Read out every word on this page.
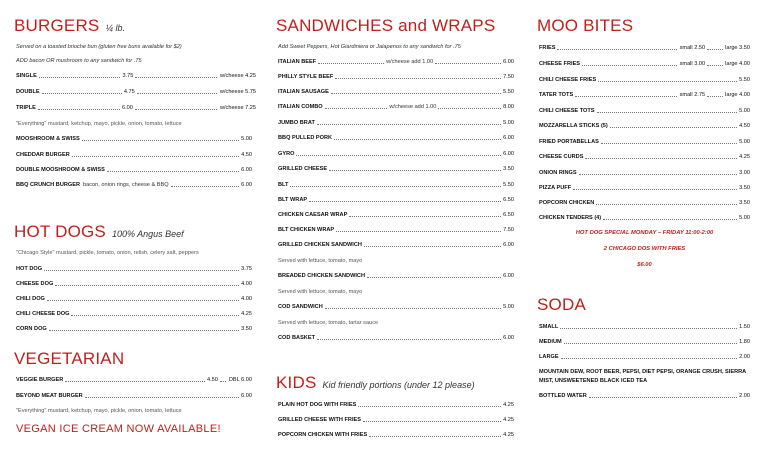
BURGERS ¼ lb.
Served on a toasted brioche bun (gluten free buns available for $2)
ADD bacon OR mushroom to any sandwich for .75
SINGLE	3.75	w/cheese 4.25
DOUBLE	4.75	w/cheese 5.75
TRIPLE	6.00	w/cheese 7.25
"Everything" mustard, ketchup, mayo, pickle, onion, tomato, lettuce
MOOSHROOM & SWISS	5.00
CHEDDAR BURGER	4.50
DOUBLE MOOSHROOM & SWISS	6.00
BBQ CRUNCH BURGER bacon, onion rings, cheese & BBQ	6.00
HOT DOGS 100% Angus Beef
"Chicago Style" mustard, pickle, tomato, onion, relish, celery salt, peppers
HOT DOG	3.75
CHEESE DOG	4.00
CHILI DOG	4.00
CHILI CHEESE DOG	4.25
CORN DOG	3.50
VEGETARIAN
VEGGIE BURGER	4.50 DBL 6.00
BEYOND MEAT BURGER	6.00
"Everything" mustard, ketchup, mayo, pickle, onion, tomato, lettuce
VEGAN ICE CREAM NOW AVAILABLE!
SANDWICHES and WRAPS
Add Sweet Peppers, Hot Giardiniera or Jalapenos to any sandwich for .75
ITALIAN BEEF	w/cheese add 1.00	6.00
PHILLY STYLE BEEF	7.50
ITALIAN SAUSAGE	5.50
ITALIAN COMBO	w/cheese add 1.00	8.00
JUMBO BRAT	5.00
BBQ PULLED PORK	6.00
GYRO	6.00
GRILLED CHEESE	3.50
BLT	5.50
BLT WRAP	6.50
CHICKEN CAESAR WRAP	6.50
BLT CHICKEN WRAP	7.50
GRILLED CHICKEN SANDWICH	6.00
Served with lettuce, tomato, mayo
BREADED CHICKEN SANDWICH	6.00
Served with lettuce, tomato, mayo
COD SANDWICH	5.00
Served with lettuce, tomato, tartar sauce
COD BASKET	6.00
KIDS Kid friendly portions (under 12 please)
PLAIN HOT DOG WITH FRIES	4.25
GRILLED CHEESE WITH FRIES	4.25
POPCORN CHICKEN WITH FRIES	4.25
MOO BITES
FRIES	small 2.50	large 3.50
CHEESE FRIES	small 3.00	large 4.00
CHILI CHEESE FRIES	5.50
TATER TOTS	small 2.75	large 4.00
CHILI CHEESE TOTS	5.00
MOZZARELLA STICKS (5)	4.50
FRIED PORTABELLAS	5.00
CHEESE CURDS	4.25
ONION RINGS	3.00
PIZZA PUFF	3.50
POPCORN CHICKEN	3.50
CHICKEN TENDERS (4)	5.00
HOT DOG SPECIAL MONDAY – FRIDAY 11:00-2:00
2 CHICAGO DOS WITH FRIES
$6.00
SODA
SMALL	1.50
MEDIUM	1.80
LARGE	2.00
MOUNTAIN DEW, ROOT BEER, PEPSI, DIET PEPSI, ORANGE CRUSH, SIERRA
MIST, UNSWEETENED BLACK ICED TEA
BOTTLED WATER	2.00
